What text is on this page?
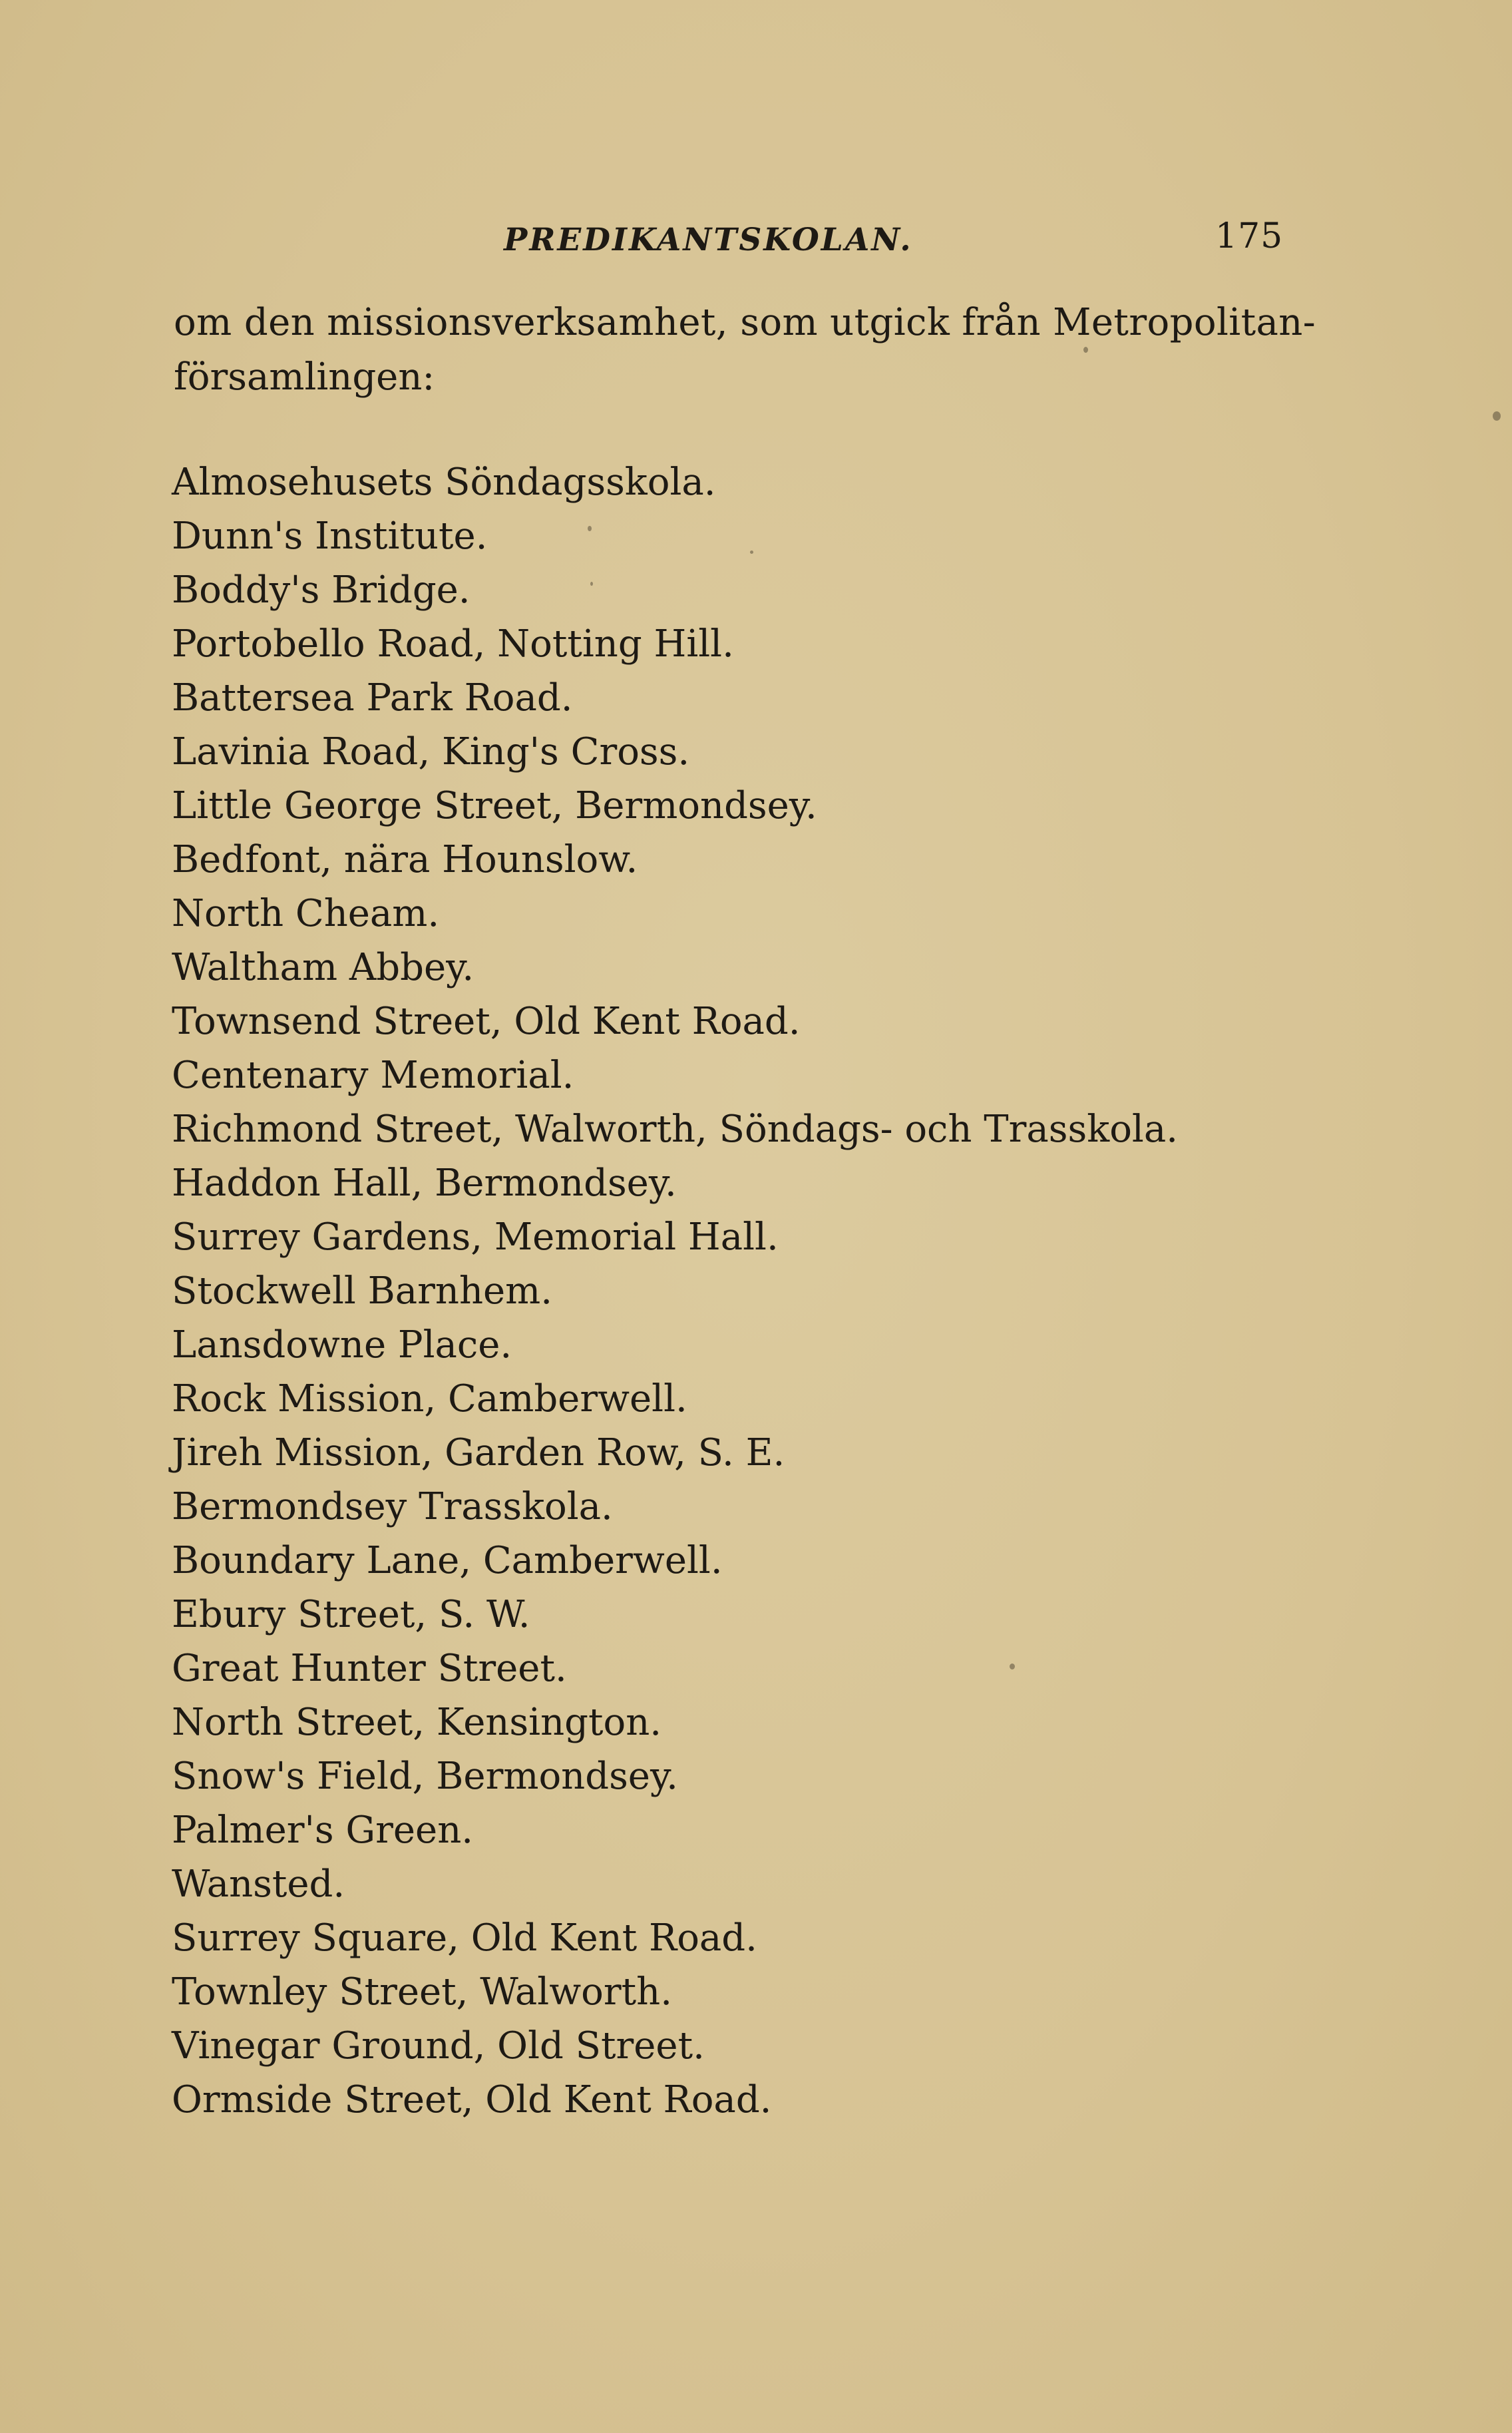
PREDIKANTSKOLAN.	175
om den missionsverksamhet, som utgick från Metropolitan-
församlingen:
Almosehusets Söndagsskola.
Dunn's Institute.
Boddy's Bridge.
Portobello Road, Notting Hill.
Battersea Park Road.
Lavinia Road, King's Cross.
Little George Street, Bermondsey.
Bedfont, nära Hounslow.
North Cheam.
Waltham Abbey.
Townsend Street, Old Kent Road.
Centenary Memorial.
Richmond Street, Walworth, Söndags- och Trasskola.
Haddon Hall, Bermondsey.
Surrey Gardens, Memorial Hall.
Stockwell Barnhem.
Lansdowne Place.
Rock Mission, Camberwell.
Jireh Mission, Garden Row, S. E.
Bermondsey Trasskola.
Boundary Lane, Camberwell.
Ebury Street, S. W.
Great Hunter Street.
North Street, Kensington.
Snow's Field, Bermondsey.
Palmer's Green.
Wansted.
Surrey Square, Old Kent Road.
Townley Street, Walworth.
Vinegar Ground, Old Street.
Ormside Street, Old Kent Road.
